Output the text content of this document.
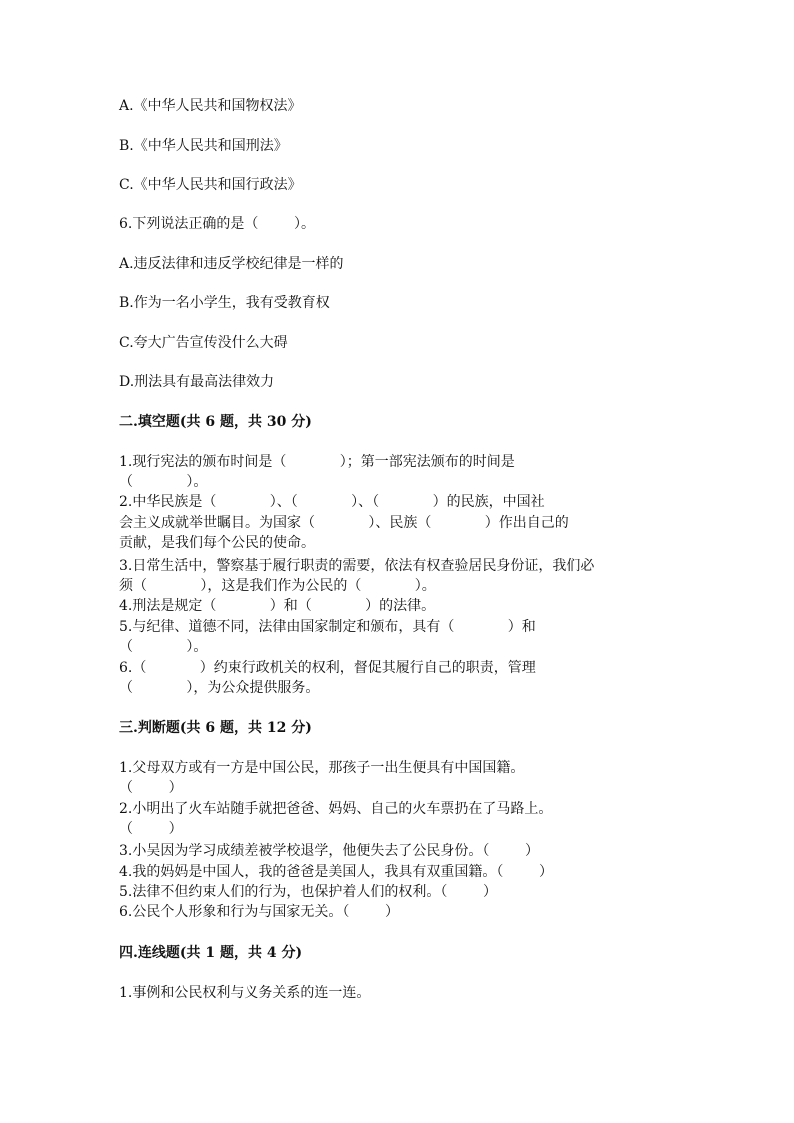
A.《中华人民共和国物权法》
B.《中华人民共和国刑法》
C.《中华人民共和国行政法》
6.下列说法正确的是（        ）。
A.违反法律和违反学校纪律是一样的
B.作为一名小学生，我有受教育权
C.夸大广告宣传没什么大碍
D.刑法具有最高法律效力
二.填空题(共 6 题，共 30 分)
1.现行宪法的颁布时间是（            ）；第一部宪法颁布的时间是
（            ）。
2.中华民族是（            ）、（            ）、（            ）的民族，中国社
会主义成就举世瞩目。为国家（            ）、民族（            ）作出自己的
贡献，是我们每个公民的使命。
3.日常生活中，警察基于履行职责的需要，依法有权查验居民身份证，我们必
须（            ），这是我们作为公民的（            ）。
4.刑法是规定（            ）和（            ）的法律。
5.与纪律、道德不同，法律由国家制定和颁布，具有（            ）和
（            ）。
6.（            ）约束行政机关的权利，督促其履行自己的职责，管理
（            ），为公众提供服务。
三.判断题(共 6 题，共 12 分)
1.父母双方或有一方是中国公民，那孩子一出生便具有中国国籍。
（        ）
2.小明出了火车站随手就把爸爸、妈妈、自己的火车票扔在了马路上。
（        ）
3.小吴因为学习成绩差被学校退学，他便失去了公民身份。（        ）
4.我的妈妈是中国人，我的爸爸是美国人，我具有双重国籍。（        ）
5.法律不但约束人们的行为，也保护着人们的权利。（        ）
6.公民个人形象和行为与国家无关。（        ）
四.连线题(共 1 题，共 4 分)
1.事例和公民权利与义务关系的连一连。
